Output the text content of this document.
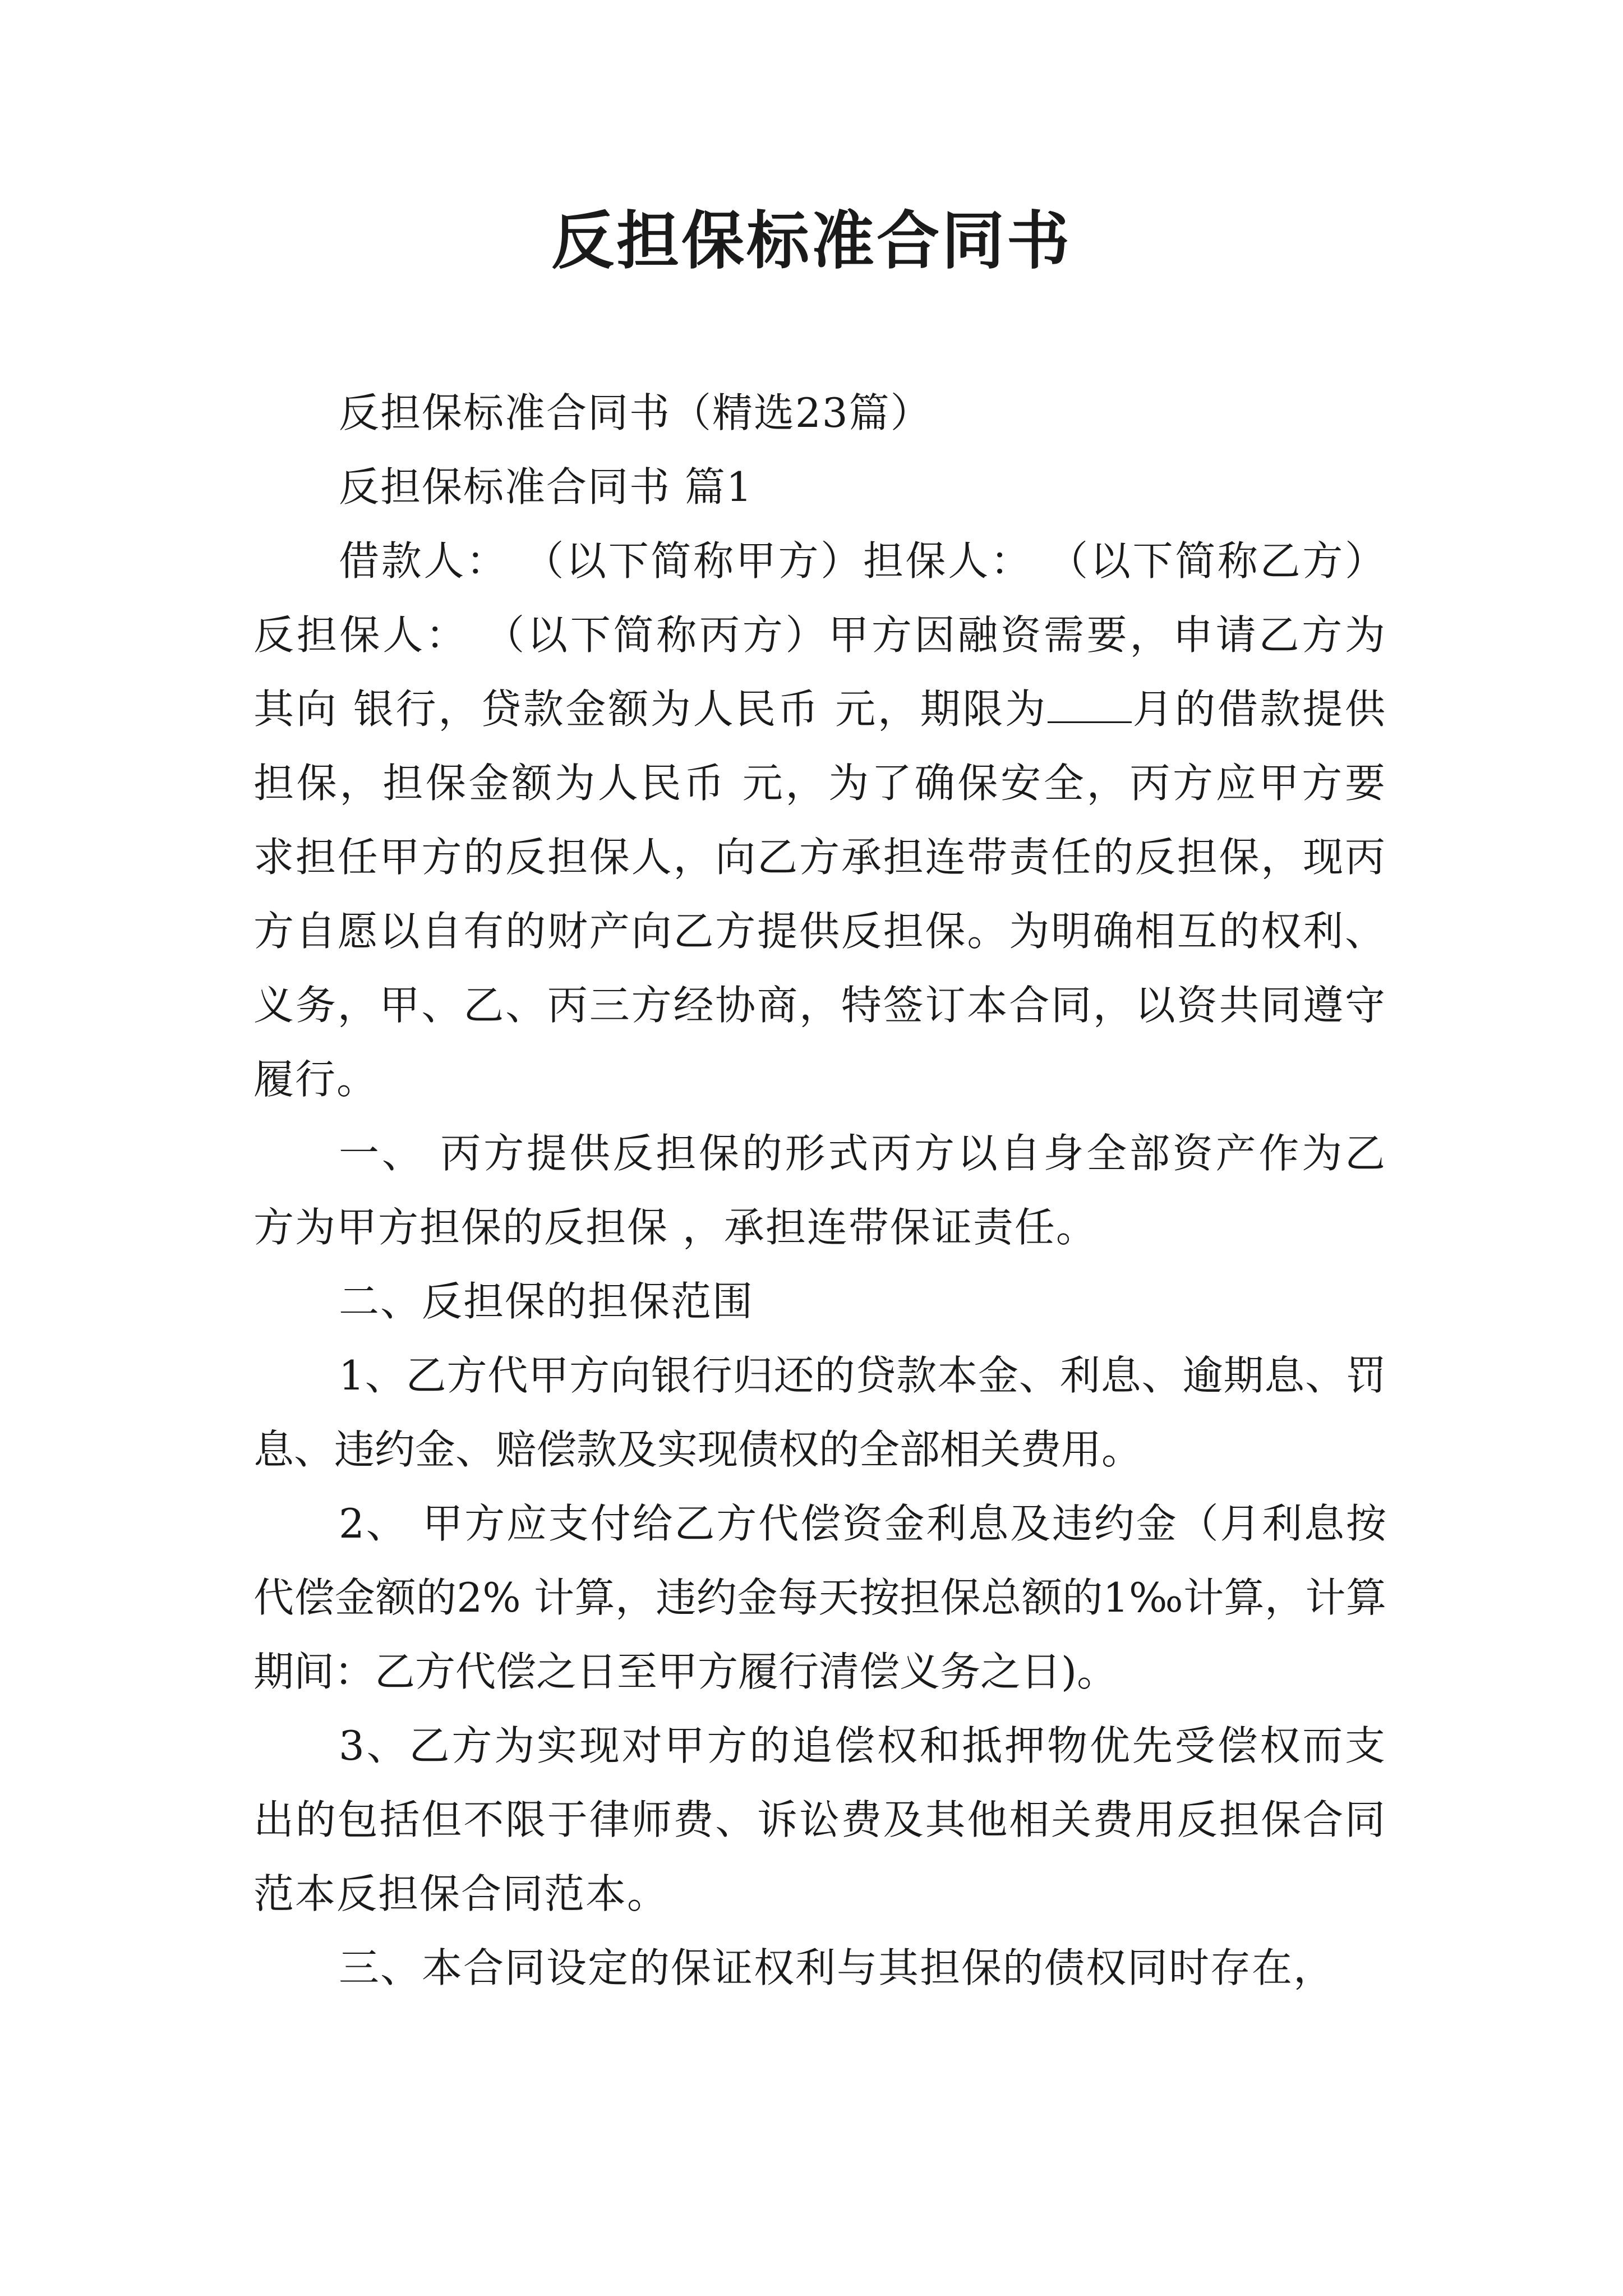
反担保标准合同书

反担保标准合同书（精选23篇）

反担保标准合同书 篇1

借款人： （以下简称甲方）担保人： （以下简称乙方）反担保人： （以下简称丙方）甲方因融资需要，申请乙方为其向 银行，贷款金额为人民币 元，期限为 月的借款提供 担保，担保金额为人民币 元，为了确保安全，丙方应甲方要求担任甲方的反担保人，向乙方承担连带责任的反担保，现丙方自愿以自有的财产向乙方提供反担保。为明确相互的权利、义务，甲、乙、丙三方经协商，特签订本合同，以资共同遵守履行。

一、 丙方提供反担保的形式丙方以自身全部资产作为乙方为甲方担保的反担保 ，承担连带保证责任。

二、反担保的担保范围

1、乙方代甲方向银行归还的贷款本金、利息、逾期息、罚息、违约金、赔偿款及实现债权的全部相关费用。

2、 甲方应支付给乙方代偿资金利息及违约金（月利息按代偿金额的2% 计算，违约金每天按担保总额的1‰计算，计算期间：乙方代偿之日至甲方履行清偿义务之日)。

3、乙方为实现对甲方的追偿权和抵押物优先受偿权而支出的包括但不限于律师费、诉讼费及其他相关费用反担保合同范本反担保合同范本。

三、本合同设定的保证权利与其担保的债权同时存在，
